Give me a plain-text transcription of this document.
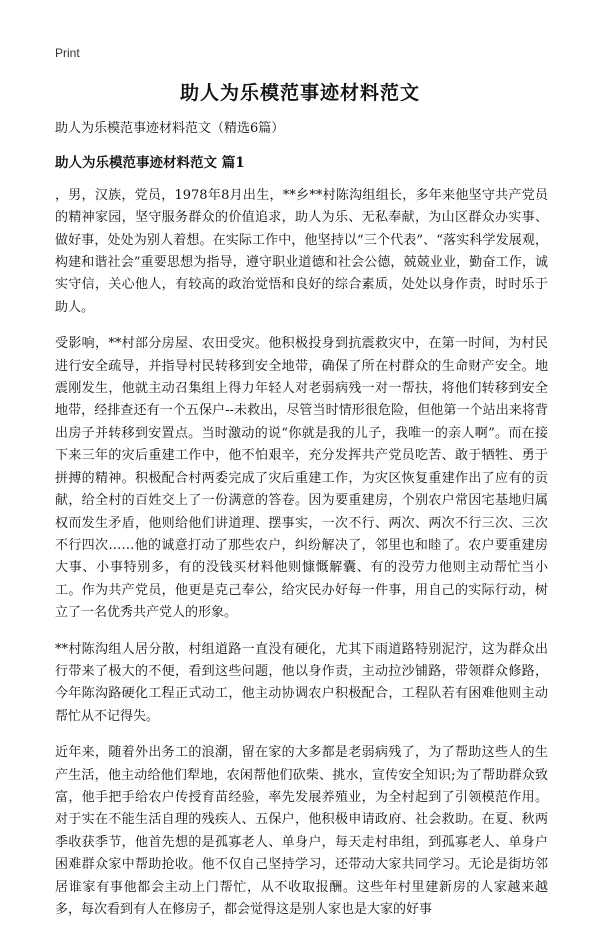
Print
助人为乐模范事迹材料范文

助人为乐模范事迹材料范文（精选6篇）

助人为乐模范事迹材料范文 篇1

，男，汉族，党员，1978年8月出生，**乡**村陈沟组组长，多年来他坚守共产党员的精神家园，坚守服务群众的价值追求，助人为乐、无私奉献，为山区群众办实事、做好事，处处为别人着想。在实际工作中，他坚持以“三个代表”、“落实科学发展观，构建和谐社会”重要思想为指导，遵守职业道德和社会公德，兢兢业业，勤奋工作，诚实守信，关心他人，有较高的政治觉悟和良好的综合素质，处处以身作责，时时乐于助人。

受影响，**村部分房屋、农田受灾。他积极投身到抗震救灾中，在第一时间，为村民进行安全疏导，并指导村民转移到安全地带，确保了所在村群众的生命财产安全。地震刚发生，他就主动召集组上得力年轻人对老弱病残一对一帮扶，将他们转移到安全地带，经排查还有一个五保户--未救出，尽管当时情形很危险，但他第一个站出来将背出房子并转移到安置点。当时激动的说“你就是我的儿子，我唯一的亲人啊”。而在接下来三年的灾后重建工作中，他不怕艰辛，充分发挥共产党员吃苦、敢于牺牲、勇于拼搏的精神。积极配合村两委完成了灾后重建工作，为灾区恢复重建作出了应有的贡献，给全村的百姓交上了一份满意的答卷。因为要重建房，个别农户常因宅基地归属权而发生矛盾，他则给他们讲道理、摆事实，一次不行、两次、两次不行三次、三次不行四次……他的诚意打动了那些农户，纠纷解决了，邻里也和睦了。农户要重建房大事、小事特别多，有的没钱买材料他则慷慨解囊、有的没劳力他则主动帮忙当小工。作为共产党员，他更是克己奉公，给灾民办好每一件事，用自己的实际行动，树立了一名优秀共产党人的形象。

**村陈沟组人居分散，村组道路一直没有硬化，尤其下雨道路特别泥泞，这为群众出行带来了极大的不便，看到这些问题，他以身作责，主动拉沙铺路，带领群众修路，今年陈沟路硬化工程正式动工，他主动协调农户积极配合，工程队若有困难他则主动帮忙从不记得失。

近年来，随着外出务工的浪潮，留在家的大多都是老弱病残了，为了帮助这些人的生产生活，他主动给他们犁地，农闲帮他们砍柴、挑水，宣传安全知识;为了帮助群众致富，他手把手给农户传授育苗经验，率先发展养殖业，为全村起到了引领模范作用。对于实在不能生活自理的残疾人、五保户，他积极申请政府、社会救助。在夏、秋两季收获季节，他首先想的是孤寡老人、单身户，每天走村串组，到孤寡老人、单身户困难群众家中帮助抢收。他不仅自己坚持学习，还带动大家共同学习。无论是街坊邻居谁家有事他都会主动上门帮忙，从不收取报酬。这些年村里建新房的人家越来越多，每次看到有人在修房子，都会觉得这是别人家也是大家的好事
